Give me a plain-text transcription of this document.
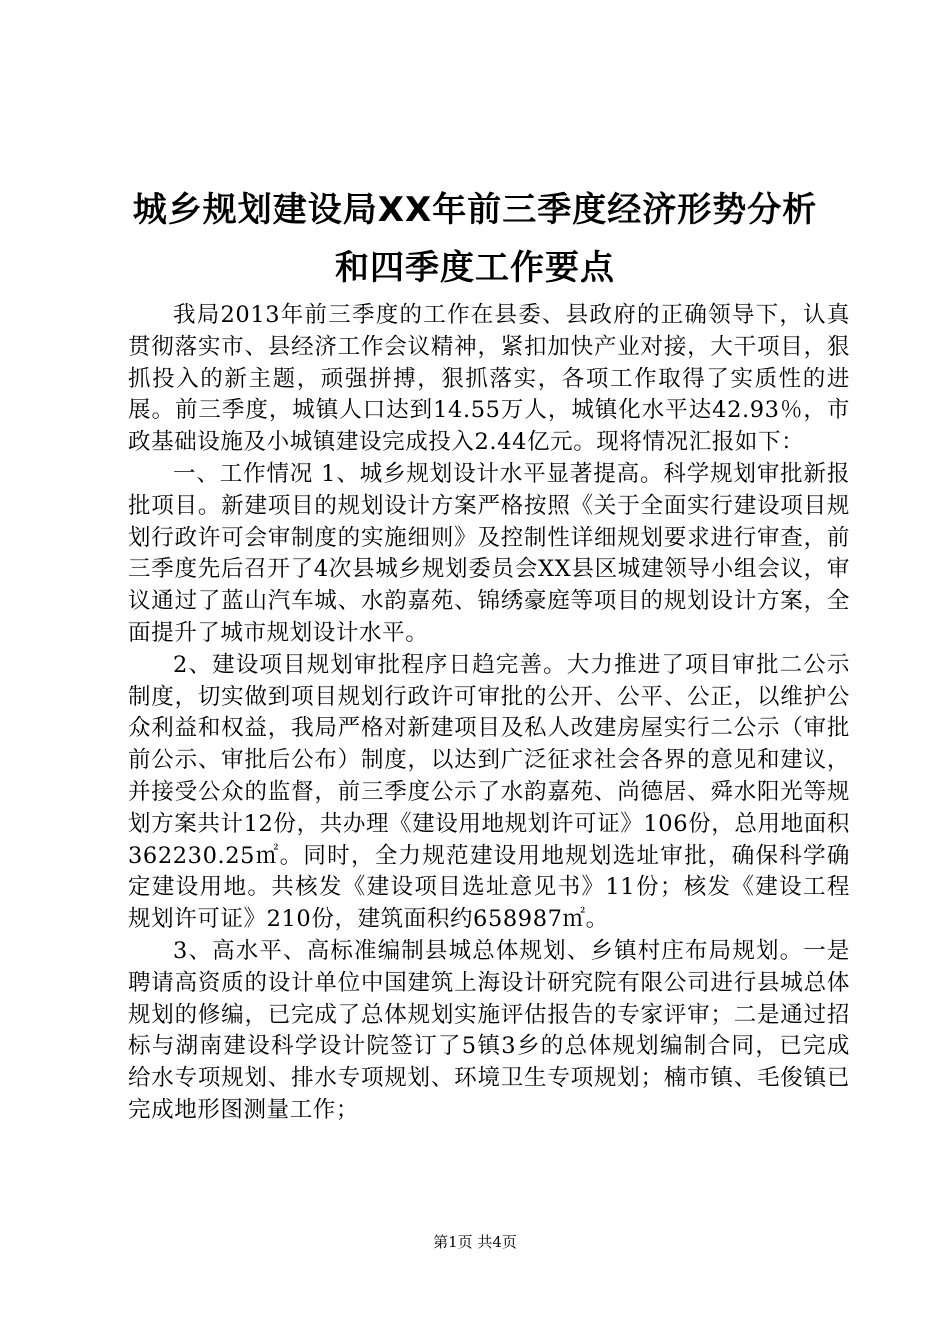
城乡规划建设局XX年前三季度经济形势分析
和四季度工作要点

我局2013年前三季度的工作在县委、县政府的正确领导下，认真贯彻落实市、县经济工作会议精神，紧扣加快产业对接，大干项目，狠抓投入的新主题，顽强拼搏，狠抓落实，各项工作取得了实质性的进展。前三季度，城镇人口达到14.55万人，城镇化水平达42.93％，市政基础设施及小城镇建设完成投入2.44亿元。现将情况汇报如下：

一、工作情况 1、城乡规划设计水平显著提高。科学规划审批新报批项目。新建项目的规划设计方案严格按照《关于全面实行建设项目规划行政许可会审制度的实施细则》及控制性详细规划要求进行审查，前三季度先后召开了4次县城乡规划委员会XX县区城建领导小组会议，审议通过了蓝山汽车城、水韵嘉苑、锦绣豪庭等项目的规划设计方案，全面提升了城市规划设计水平。

2、建设项目规划审批程序日趋完善。大力推进了项目审批二公示制度，切实做到项目规划行政许可审批的公开、公平、公正，以维护公众利益和权益，我局严格对新建项目及私人改建房屋实行二公示（审批前公示、审批后公布）制度，以达到广泛征求社会各界的意见和建议，并接受公众的监督，前三季度公示了水韵嘉苑、尚德居、舜水阳光等规划方案共计12份，共办理《建设用地规划许可证》106份，总用地面积362230.25㎡。同时，全力规范建设用地规划选址审批，确保科学确定建设用地。共核发《建设项目选址意见书》11份；核发《建设工程规划许可证》210份，建筑面积约658987㎡。

3、高水平、高标准编制县城总体规划、乡镇村庄布局规划。一是聘请高资质的设计单位中国建筑上海设计研究院有限公司进行县城总体规划的修编，已完成了总体规划实施评估报告的专家评审；二是通过招标与湖南建设科学设计院签订了5镇3乡的总体规划编制合同，已完成给水专项规划、排水专项规划、环境卫生专项规划；楠市镇、毛俊镇已完成地形图测量工作；

第1页 共4页
